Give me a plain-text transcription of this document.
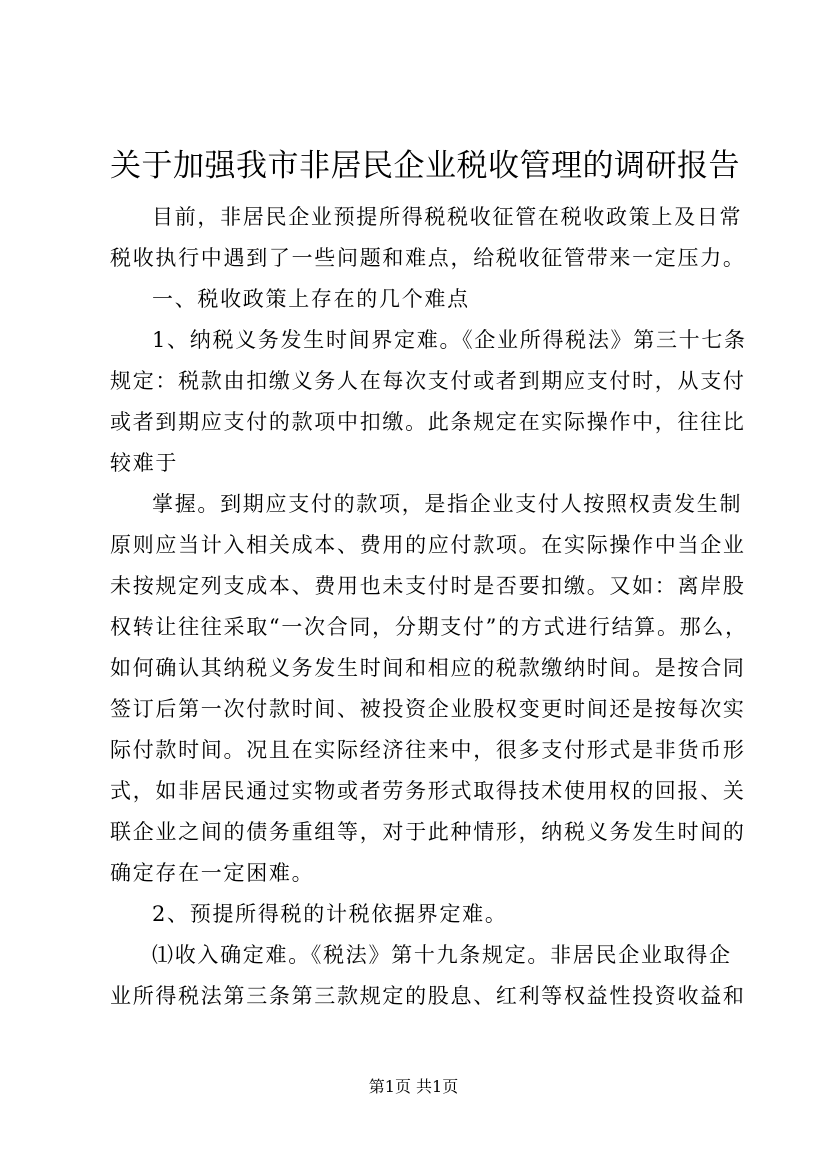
关于加强我市非居民企业税收管理的调研报告
目前，非居民企业预提所得税税收征管在税收政策上及日常
税收执行中遇到了一些问题和难点，给税收征管带来一定压力。
一、税收政策上存在的几个难点
1、纳税义务发生时间界定难。《企业所得税法》第三十七条
规定：税款由扣缴义务人在每次支付或者到期应支付时，从支付
或者到期应支付的款项中扣缴。此条规定在实际操作中，往往比
较难于
掌握。到期应支付的款项，是指企业支付人按照权责发生制
原则应当计入相关成本、费用的应付款项。在实际操作中当企业
未按规定列支成本、费用也未支付时是否要扣缴。又如：离岸股
权转让往往采取“一次合同，分期支付”的方式进行结算。那么，
如何确认其纳税义务发生时间和相应的税款缴纳时间。是按合同
签订后第一次付款时间、被投资企业股权变更时间还是按每次实
际付款时间。况且在实际经济往来中，很多支付形式是非货币形
式，如非居民通过实物或者劳务形式取得技术使用权的回报、关
联企业之间的债务重组等，对于此种情形，纳税义务发生时间的
确定存在一定困难。
2、预提所得税的计税依据界定难。
⑴收入确定难。《税法》第十九条规定。非居民企业取得企
业所得税法第三条第三款规定的股息、红利等权益性投资收益和
第1页 共1页
